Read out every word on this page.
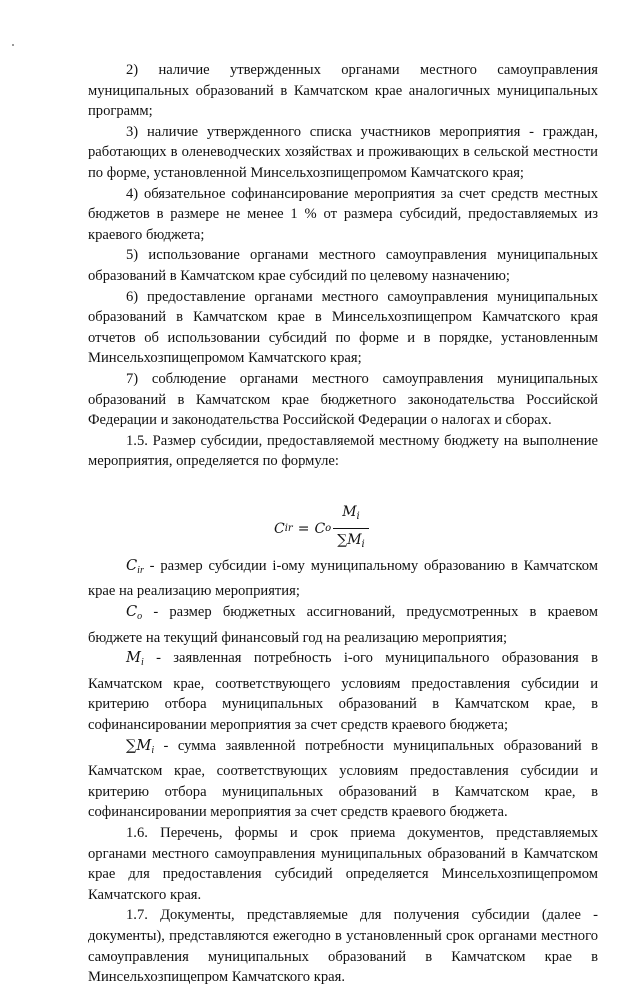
2) наличие утвержденных органами местного самоуправления муниципальных образований в Камчатском крае аналогичных муниципальных программ;

3) наличие утвержденного списка участников мероприятия - граждан, работающих в оленеводческих хозяйствах и проживающих в сельской местности по форме, установленной Минсельхозпищепромом Камчатского края;

4) обязательное софинансирование мероприятия за счет средств местных бюджетов в размере не менее 1 % от размера субсидий, предоставляемых из краевого бюджета;

5) использование органами местного самоуправления муниципальных образований в Камчатском крае субсидий по целевому назначению;

6) предоставление органами местного самоуправления муниципальных образований в Камчатском крае в Минсельхозпищепром Камчатского края отчетов об использовании субсидий по форме и в порядке, установленным Минсельхозпищепромом Камчатского края;

7) соблюдение органами местного самоуправления муниципальных образований в Камчатском крае бюджетного законодательства Российской Федерации и законодательства Российской Федерации о налогах и сборах.

1.5. Размер субсидии, предоставляемой местному бюджету на выполнение мероприятия, определяется по формуле:

C ir = C o $\frac{M_i}{\sum M_i}$

$C_{ir}$ - размер субсидии i-ому муниципальному образованию в Камчатском крае на реализацию мероприятия;

$C_o$ - размер бюджетных ассигнований, предусмотренных в краевом бюджете на текущий финансовый год на реализацию мероприятия;

$M_i$ - заявленная потребность i-ого муниципального образования в Камчатском крае, соответствующего условиям предоставления субсидии и критерию отбора муниципальных образований в Камчатском крае, в софинансировании мероприятия за счет средств краевого бюджета;

$\sum M_i$ - сумма заявленной потребности муниципальных образований в Камчатском крае, соответствующих условиям предоставления субсидии и критерию отбора муниципальных образований в Камчатском крае, в софинансировании мероприятия за счет средств краевого бюджета.

1.6. Перечень, формы и срок приема документов, представляемых органами местного самоуправления муниципальных образований в Камчатском крае для предоставления субсидий определяется Минсельхозпищепромом Камчатского края.

1.7. Документы, представляемые для получения субсидии (далее - документы), представляются ежегодно в установленный срок органами местного самоуправления муниципальных образований в Камчатском крае в Минсельхозпищепром Камчатского края.
